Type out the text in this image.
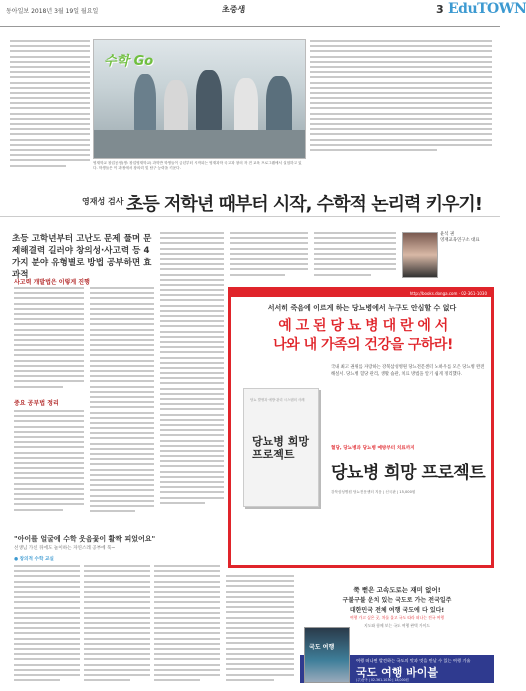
동아일보 2018년 3월 19일 월요일	초중생	3 EduTOWN
수학 Go
영재학교 창업공정(생: 창업영재학교) 과학반 학생들이 금년부터 시작되는 영재과학 국고과 창의 자 전 교육 프로그램에서 실험하고 있다. 학생들은 이 과정에서 창의력 및 탐구 능력을 키운다.
영재성 검사 초등 저학년 때부터 시작, 수학적 논리력 키우기!
초등 고학년부터 고난도 문제 풀며 문제해결력 길러야 창의성·사고력 등 4가지 분야 유형별로 방법 공부하면 효과적
사고력 개발법은 이렇게 진행
중요 공부법 정리
윤석 권
영재교육연구소 대표
http://books.donga.com · 02-361-1030
서서히 죽음에 이르게 하는 당뇨병에서 누구도 안심할 수 없다
예 고 된 당 뇨 병 대 란 에 서
나와 내 가족의 건강을 구하라!
당뇨 발생과 예방·관리 시스템의 사례
당뇨병 희망 프로젝트
국내 최고 권위를 자랑하는 강북삼성병원 당뇨전문센터 노하우를 모은 당뇨병 완전 해설서. 당뇨병 혈당 관리, 생활 습관, 치료 방법을 알기 쉽게 정리했다.
혈당, 당뇨병과 당뇨병 예방부터 치료까지
당뇨병 희망 프로젝트
강북삼성병원 당뇨전문센터 지음 | 신국판 | 15,000원
"아이를 얼굴에 수학 웃음꽃이 활짝 피었어요"
선생님 가신 뒤에도 놀이하는 자연스레 공부에 푹~
● 창의적 수학 교실
쭉 뻗은 고속도로는 재미 없어!
구불구불 운치 있는 국도로 가는 전국일주
대한민국 전체 여행 국도에 다 있다!
여행 가고 싶은 곳, 차를 몰고 국도 따라 떠나는 전국 여행
지도와 함께 보는 국도 여행 완벽 가이드
여행 떠나면 발견하는 국도의 맛과 멋을 만날 수 있는 여행 기술
국도 여행 바이블
(주)동아 | 02-361-1030 | 18,000원
국도 여행
